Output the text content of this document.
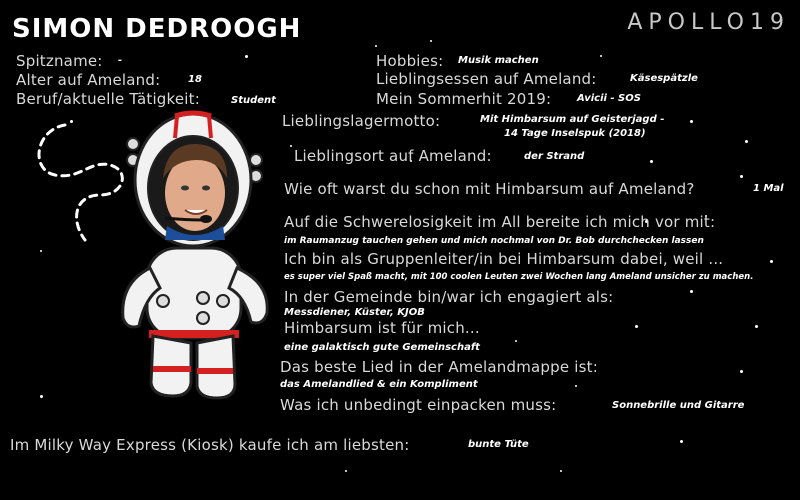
SIMON DEDROOGH	APOLLO19
Spitzname: -
Alter auf Ameland:	18
Beruf/aktuelle Tätigkeit:	Student
Hobbies: Musik machen
Lieblingsessen auf Ameland:	Käsespätzle
Mein Sommerhit 2019:	Avicii - SOS
Lieblingslagermotto:	Mit Himbarsum auf Geisterjagd -
14 Tage Inselspuk (2018)
Lieblingsort auf Ameland:	der Strand
Wie oft warst du schon mit Himbarsum auf Ameland?	1 Mal
Auf die Schwerelosigkeit im All bereite ich mich vor mit:
im Raumanzug tauchen gehen und mich nochmal von Dr. Bob durchchecken lassen
Ich bin als Gruppenleiter/in bei Himbarsum dabei, weil ...
es super viel Spaß macht, mit 100 coolen Leuten zwei Wochen lang Ameland unsicher zu machen.
In der Gemeinde bin/war ich engagiert als:
Messdiener, Küster, KJOB
Himbarsum ist für mich...
eine galaktisch gute Gemeinschaft
Das beste Lied in der Amelandmappe ist:
das Amelandlied & ein Kompliment
Was ich unbedingt einpacken muss:	Sonnebrille und Gitarre
Im Milky Way Express (Kiosk) kaufe ich am liebsten:	bunte Tüte
